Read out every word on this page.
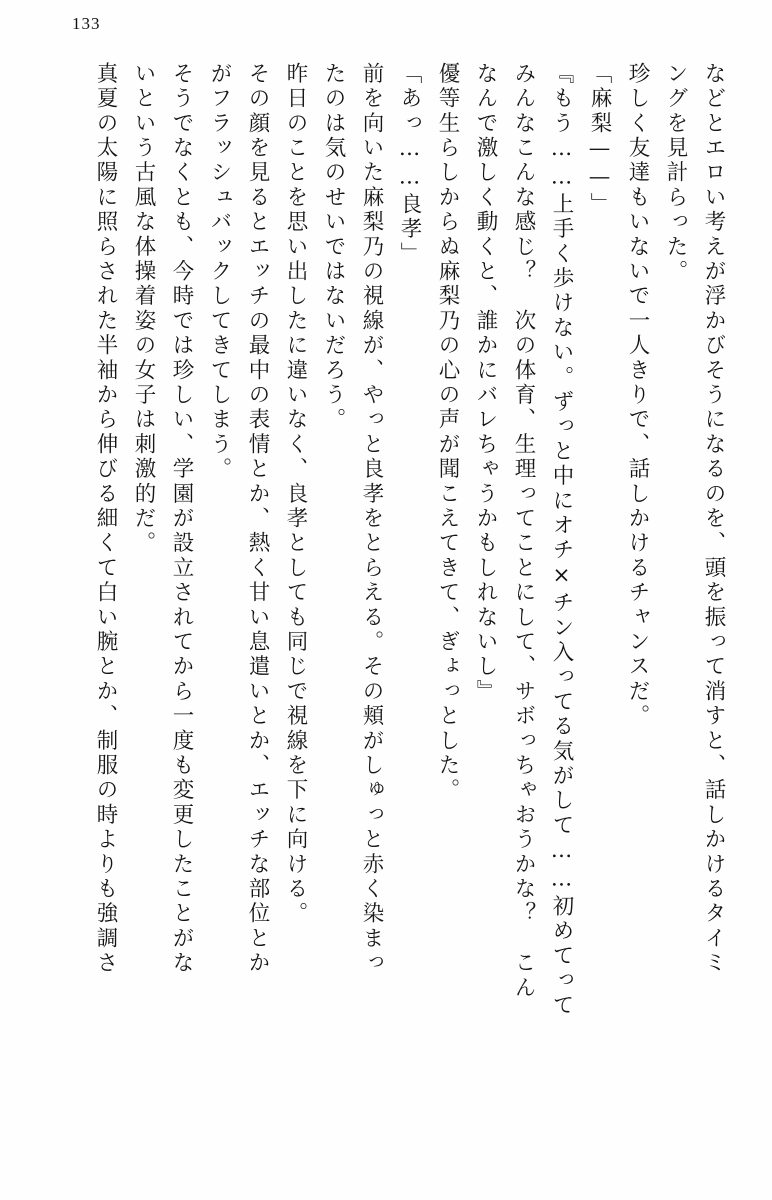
133
などとエロい考えが浮かびそうになるのを、頭を振って消すと、話しかけるタイミ
ングを見計らった。
珍しく友達もいないで一人きりで、話しかけるチャンスだ。
「麻梨——」
『もう……上手く歩けない。ずっと中にオチ×チン入ってる気がして……初めてって
みんなこんな感じ？　次の体育、生理ってことにして、サボっちゃおうかな？　こん
なんで激しく動くと、誰かにバレちゃうかもしれないし』
優等生らしからぬ麻梨乃の心の声が聞こえてきて、ぎょっとした。
「あっ……良孝」
前を向いた麻梨乃の視線が、やっと良孝をとらえる。その頬がしゅっと赤く染まっ
たのは気のせいではないだろう。
昨日のことを思い出したに違いなく、良孝としても同じで視線を下に向ける。
その顔を見るとエッチの最中の表情とか、熱く甘い息遣いとか、エッチな部位とか
がフラッシュバックしてきてしまう。
そうでなくとも、今時では珍しい、学園が設立されてから一度も変更したことがな
いという古風な体操着姿の女子は刺激的だ。
真夏の太陽に照らされた半袖から伸びる細くて白い腕とか、制服の時よりも強調さ
